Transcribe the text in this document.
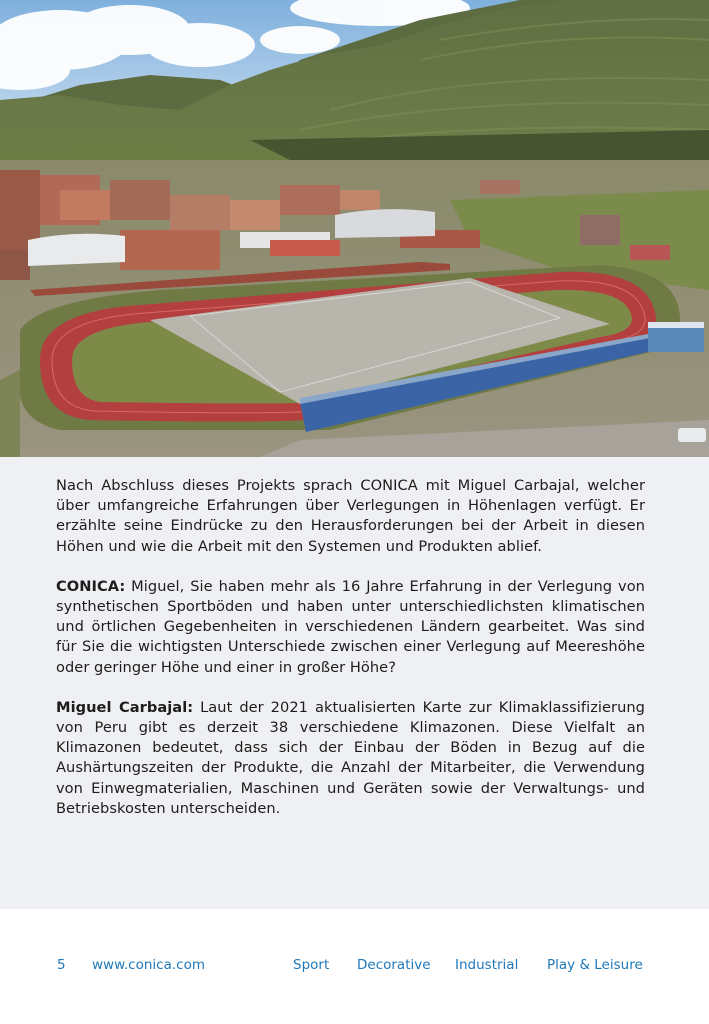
Nach Abschluss dieses Projekts sprach CONICA mit Miguel Carbajal, welcher über umfangreiche Erfahrungen über Verlegungen in Höhenlagen verfügt. Er erzählte seine Eindrücke zu den Herausforderungen bei der Arbeit in diesen Höhen und wie die Arbeit mit den Systemen und Produkten ablief.

CONICA: Miguel, Sie haben mehr als 16 Jahre Erfahrung in der Verlegung von synthetischen Sportböden und haben unter unterschiedlichsten klimatischen und örtlichen Gegebenheiten in verschiedenen Ländern gearbeitet. Was sind für Sie die wichtigsten Unterschiede zwischen einer Verlegung auf Meereshöhe oder geringer Höhe und einer in großer Höhe?

Miguel Carbajal: Laut der 2021 aktualisierten Karte zur Klimaklassifizierung von Peru gibt es derzeit 38 verschiedene Klimazonen. Diese Vielfalt an Klimazonen bedeutet, dass sich der Einbau der Böden in Bezug auf die Aushärtungszeiten der Produkte, die Anzahl der Mitarbeiter, die Verwendung von Einwegmaterialien, Maschinen und Geräten sowie der Verwaltungs- und Betriebskosten unterscheiden.

5 www.conica.com	Sport Decorative Industrial Play & Leisure
